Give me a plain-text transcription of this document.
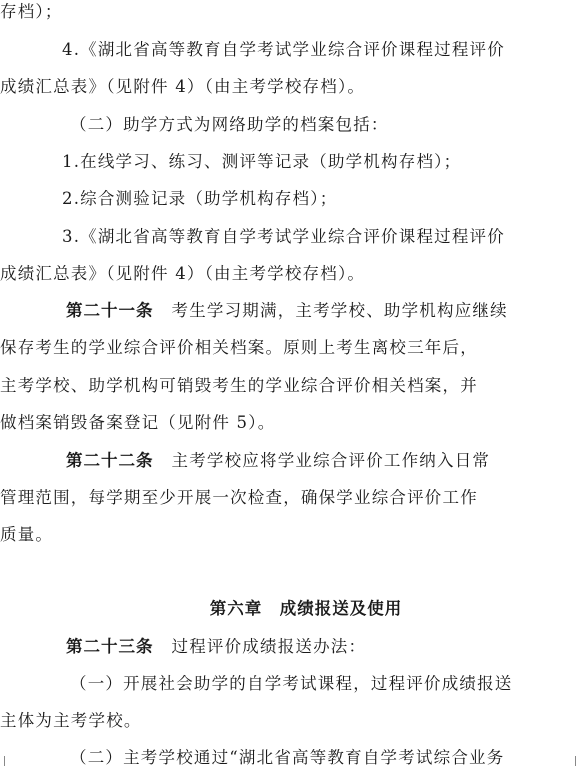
存档）；
4.《湖北省高等教育自学考试学业综合评价课程过程评价
成绩汇总表》（见附件 4）（由主考学校存档）。
（二）助学方式为网络助学的档案包括：
1.在线学习、练习、测评等记录（助学机构存档）；
2.综合测验记录（助学机构存档）；
3.《湖北省高等教育自学考试学业综合评价课程过程评价
成绩汇总表》（见附件 4）（由主考学校存档）。
第二十一条 考生学习期满，主考学校、助学机构应继续
保存考生的学业综合评价相关档案。原则上考生离校三年后，
主考学校、助学机构可销毁考生的学业综合评价相关档案，并
做档案销毁备案登记（见附件 5）。
第二十二条 主考学校应将学业综合评价工作纳入日常
管理范围，每学期至少开展一次检查，确保学业综合评价工作
质量。
第六章　成绩报送及使用
第二十三条 过程评价成绩报送办法：
（一）开展社会助学的自学考试课程，过程评价成绩报送
主体为主考学校。
（二）主考学校通过“湖北省高等教育自学考试综合业务
